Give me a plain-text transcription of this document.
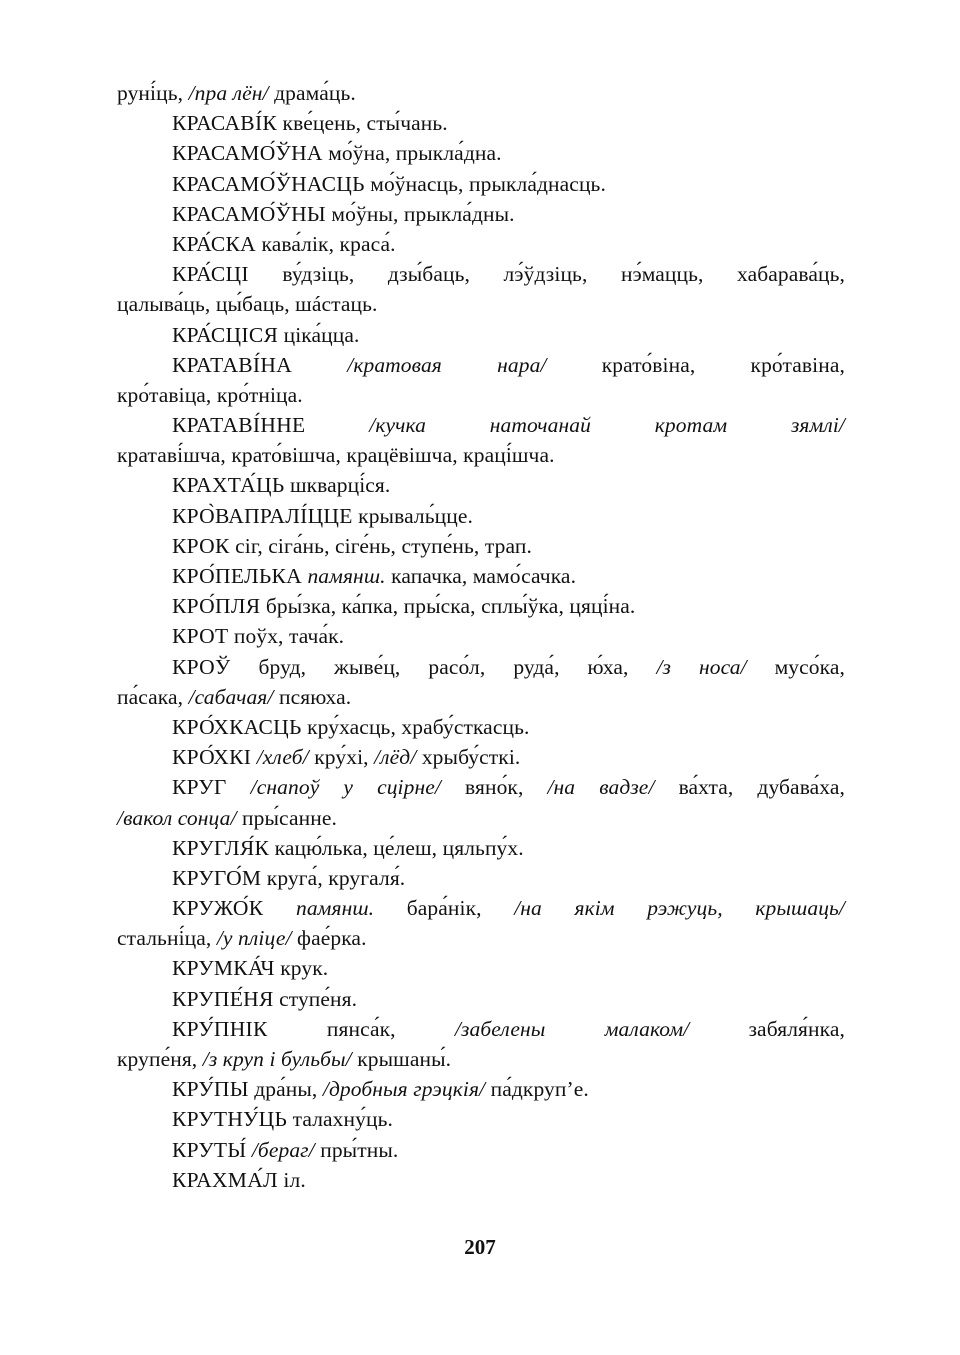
руні́ць, /пра лён/ драма́ць.
КРАСАВІ́К кве́цень, сты́чань.
КРАСАМО́ЎНА мо́ўна, прыкла́дна.
КРАСАМО́ЎНАСЦЬ мо́ўнасць, прыкла́днасць.
КРАСАМО́ЎНЫ мо́ўны, прыкла́дны.
КРА́СКА кава́лік, краса́.
КРА́СЦІ ву́дзіць, дзы́баць, лэ́ўдзіць, нэ́мацць, хабарава́ць,
цалыва́ць, цы́баць, шáстаць.
КРА́СЦІСЯ ціка́цца.
КРАТАВІ́НА	/кратовая	нара/	крато́віна,	кро́тавіна,
кро́тавіца, кро́тніца.
КРАТАВІ́ННЕ	/кучка	наточанай	кротам	зямлі/
кратаві́шча, крато́вішча, крацёвішча, краці́шча.
КРАХТА́ЦЬ шкварці́ся.
КРО̀ВАПРАЛІ́ЦЦЕ крываль́цце.
КРОК сіг, сіга́нь, сіге́нь, ступе́нь, трап.
КРО́ПЕЛЬКА памянш. капачка, мамо́сачка.
КРО́ПЛЯ бры́зка, ка́пка, пры́ска, сплы́ўка, цяці́на.
КРОТ поўх, тача́к.
КРОЎ бруд, жыве́ц, расо́л, руда́, ю́ха, /з носа/ мусо́ка,
па́сака, /сабачая/ псяюха.
КРО́ХКАСЦЬ кру́хасць, храбу́сткасць.
КРО́ХКІ /хлеб/ кру́хі, /лёд/ хрыбу́сткі.
КРУГ /снапоў у сцірне/ вяно́к, /на вадзе/ ва́хта, дубава́ха,
/вакол сонца/ пры́санне.
КРУГЛЯ́К кацю́лька, це́леш, цяльпу́х.
КРУГО́М круга́, кругаля́.
КРУЖО́К памянш. бара́нік, /на якім рэжуць, крышаць/
стальні́ца, /у пліце/ фае́рка.
КРУМКА́Ч крук.
КРУПЕ́НЯ ступе́ня.
КРУ́ПНІК	пянса́к,	/забелены	малаком/	забяля́нка,
крупе́ня, /з круп і бульбы/ крышаны́.
КРУ́ПЫ дра́ны, /дробныя грэцкія/ па́дкруп’е.
КРУТНУ́ЦЬ талахну́ць.
КРУТЫ́ /бераг/ пры́тны.
КРАХМА́Л іл.
207
